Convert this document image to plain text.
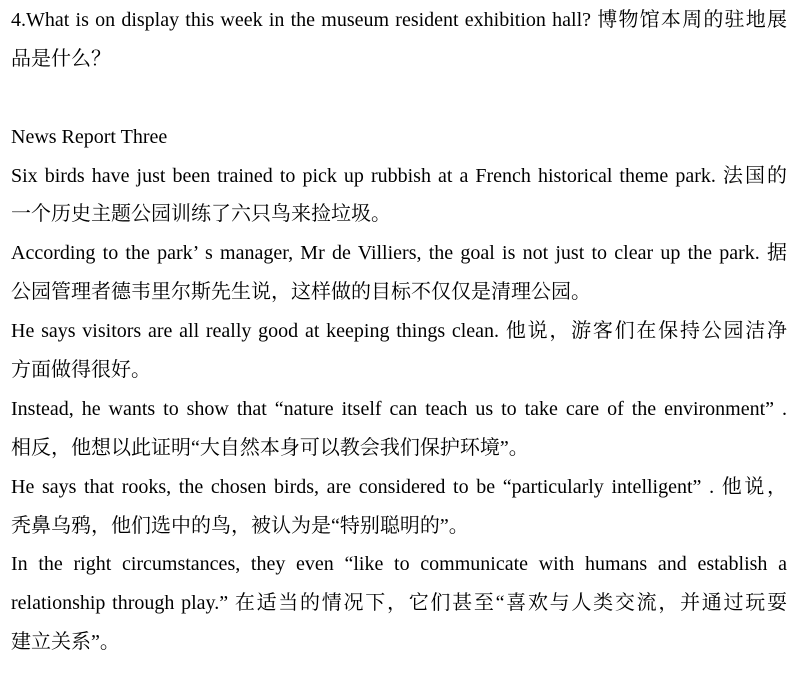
4.What is on display this week in the museum resident exhibition hall? 博物馆本周的驻地展
品是什么？
News Report Three
Six birds have just been trained to pick up rubbish at a French historical theme park. 法国的
一个历史主题公园训练了六只鸟来捡垃圾。
According to the park’ s manager, Mr de Villiers, the goal is not just to clear up the park. 据
公园管理者德韦里尔斯先生说，这样做的目标不仅仅是清理公园。
He says visitors are all really good at keeping things clean. 他说，游客们在保持公园洁净
方面做得很好。
Instead, he wants to show that “nature itself can teach us to take care of the environment” .
相反，他想以此证明“大自然本身可以教会我们保护环境”。
He says that rooks, the chosen birds, are considered to be “particularly intelligent” . 他说，
秃鼻乌鸦，他们选中的鸟，被认为是“特别聪明的”。
In the right circumstances, they even “like to communicate with humans and establish a
relationship through play.” 在适当的情况下，它们甚至“喜欢与人类交流，并通过玩耍
建立关系”。
